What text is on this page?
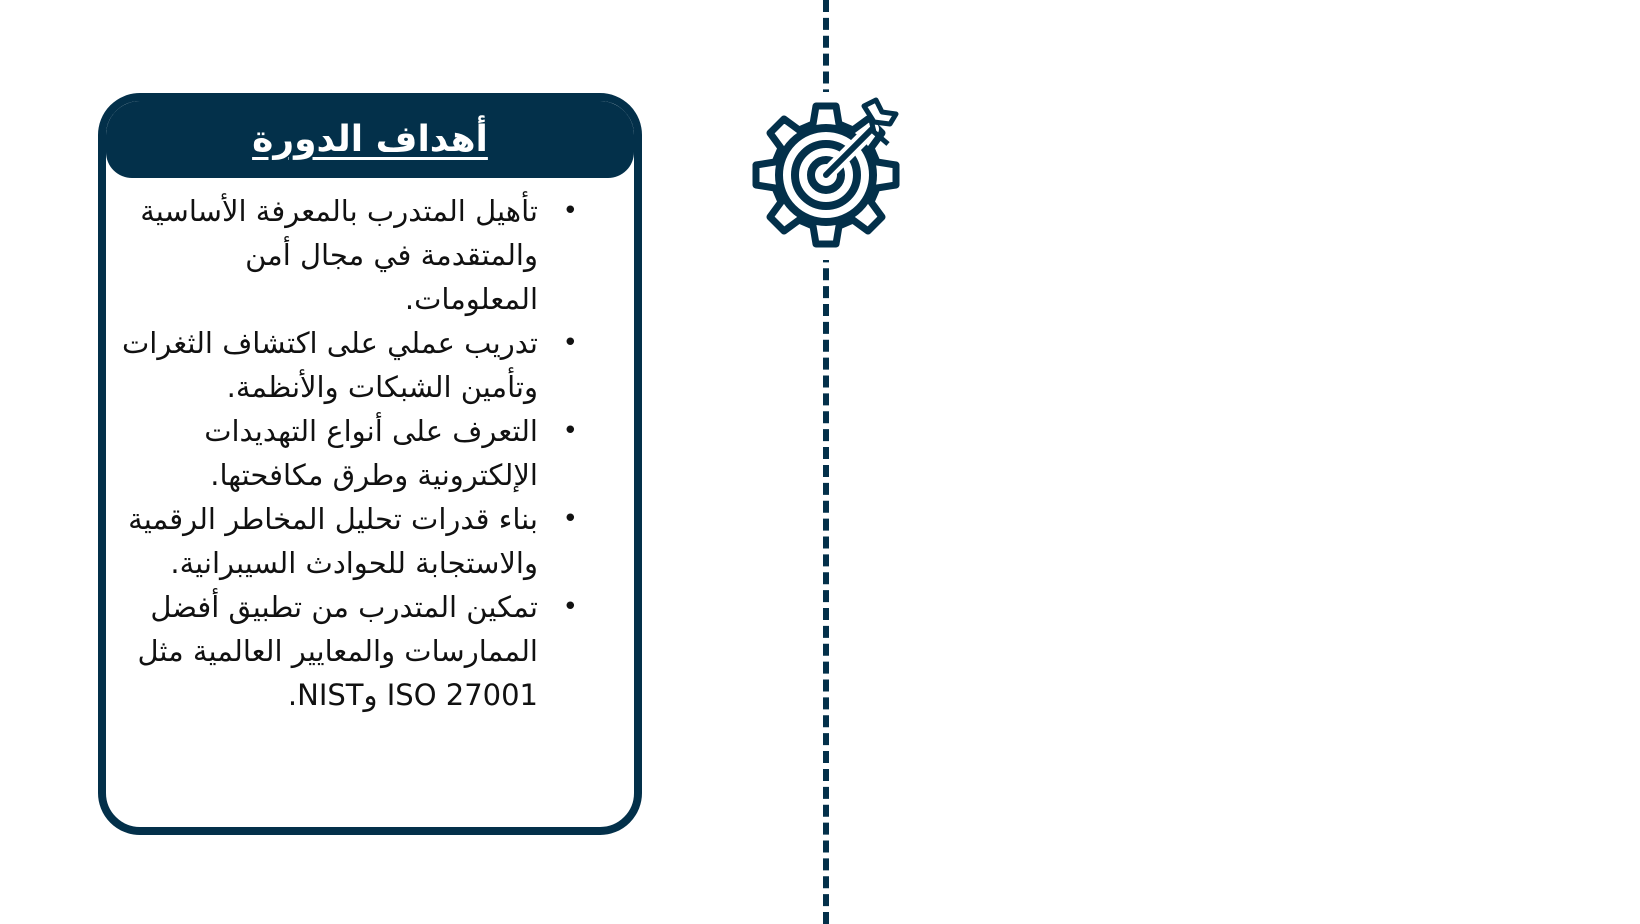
أهداف الدورة
•
تأهيل المتدرب بالمعرفة الأساسية والمتقدمة في مجال أمن المعلومات.
•
تدريب عملي على اكتشاف الثغرات وتأمين الشبكات والأنظمة.
•
التعرف على أنواع التهديدات الإلكترونية وطرق مكافحتها.
•
بناء قدرات تحليل المخاطر الرقمية والاستجابة للحوادث السيبرانية.
•
تمكين المتدرب من تطبيق أفضل الممارسات والمعايير العالمية مثل ISO 27001 وNIST.
